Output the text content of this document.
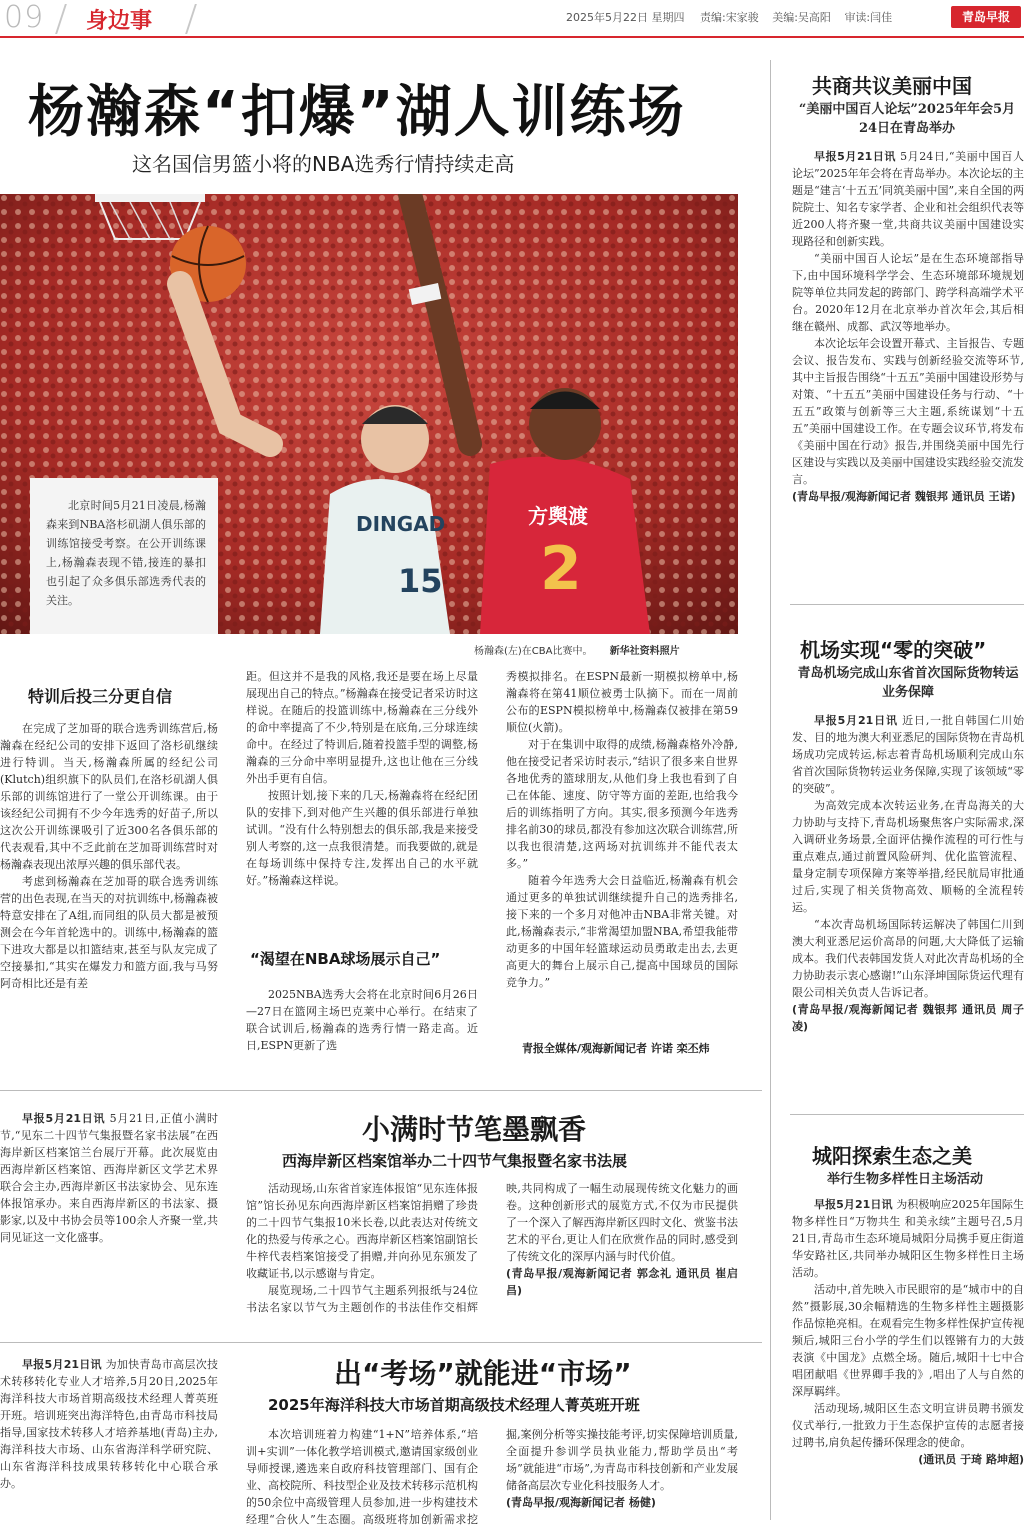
09 身边事	2025年5月22日 星期四 责编:宋家骏 美编:吴高阳 审读:闫佳	青岛早报
杨瀚森“扣爆”湖人训练场
这名国信男篮小将的NBA选秀行情持续走高
DINGAD
15
方舆渡
2
北京时间5月21日凌晨,杨瀚森来到NBA洛杉矶湖人俱乐部的训练馆接受考察。在公开训练课上,杨瀚森表现不错,接连的暴扣也引起了众多俱乐部选秀代表的关注。
杨瀚森(左)在CBA比赛中。 新华社资料照片
特训后投三分更自信

在完成了芝加哥的联合选秀训练营后,杨瀚森在经纪公司的安排下返回了洛杉矶继续进行特训。当天,杨瀚森所属的经纪公司(Klutch)组织旗下的队员们,在洛杉矶湖人俱乐部的训练馆进行了一堂公开训练课。由于该经纪公司拥有不少今年选秀的好苗子,所以这次公开训练课吸引了近300名各俱乐部的代表观看,其中不乏此前在芝加哥训练营时对杨瀚森表现出浓厚兴趣的俱乐部代表。

考虑到杨瀚森在芝加哥的联合选秀训练营的出色表现,在当天的对抗训练中,杨瀚森被特意安排在了A组,而同组的队员大都是被预测会在今年首轮选中的。训练中,杨瀚森的篮下进攻大都是以扣篮结束,甚至与队友完成了空接暴扣,“其实在爆发力和篮方面,我与马努阿奇相比还是有差

距。但这并不是我的风格,我还是要在场上尽量展现出自己的特点。”杨瀚森在接受记者采访时这样说。在随后的投篮训练中,杨瀚森在三分线外的命中率提高了不少,特别是在底角,三分球连续命中。在经过了特训后,随着投篮手型的调整,杨瀚森的三分命中率明显提升,这也让他在三分线外出手更有自信。

按照计划,接下来的几天,杨瀚森将在经纪团队的安排下,到对他产生兴趣的俱乐部进行单独试训。“没有什么特别想去的俱乐部,我是来接受别人考察的,这一点我很清楚。而我要做的,就是在每场训练中保持专注,发挥出自己的水平就好。”杨瀚森这样说。

“渴望在NBA球场展示自己”

2025NBA选秀大会将在北京时间6月26日—27日在篮网主场巴克莱中心举行。在结束了联合试训后,杨瀚森的选秀行情一路走高。近日,ESPN更新了选

秀模拟排名。在ESPN最新一期模拟榜单中,杨瀚森将在第41顺位被勇士队摘下。而在一周前公布的ESPN模拟榜单中,杨瀚森仅被排在第59顺位(火箭)。

对于在集训中取得的成绩,杨瀚森格外冷静,他在接受记者采访时表示,“结识了很多来自世界各地优秀的篮球朋友,从他们身上我也看到了自己在体能、速度、防守等方面的差距,也给我今后的训练指明了方向。其实,很多预测今年选秀排名前30的球员,都没有参加这次联合训练营,所以我也很清楚,这两场对抗训练并不能代表太多。”

随着今年选秀大会日益临近,杨瀚森有机会通过更多的单独试训继续提升自己的选秀排名,接下来的一个多月对他冲击NBA非常关键。对此,杨瀚森表示,“非常渴望加盟NBA,希望我能带动更多的中国年轻篮球运动员勇敢走出去,去更高更大的舞台上展示自己,提高中国球员的国际竞争力。”

青报全媒体/观海新闻记者 许诺 栾丕炜
共商共议美丽中国
“美丽中国百人论坛”2025年年会5月24日在青岛举办

早报5月21日讯 5月24日,“美丽中国百人论坛”2025年年会将在青岛举办。本次论坛的主题是“建言‘十五五’同筑美丽中国”,来自全国的两院院士、知名专家学者、企业和社会组织代表等近200人将齐聚一堂,共商共议美丽中国建设实现路径和创新实践。

“美丽中国百人论坛”是在生态环境部指导下,由中国环境科学学会、生态环境部环境规划院等单位共同发起的跨部门、跨学科高端学术平台。2020年12月在北京举办首次年会,其后相继在赣州、成都、武汉等地举办。

本次论坛年会设置开幕式、主旨报告、专题会议、报告发布、实践与创新经验交流等环节,其中主旨报告围绕“十五五”美丽中国建设形势与对策、“十五五”美丽中国建设任务与行动、“十五五”政策与创新等三大主题,系统谋划“十五五”美丽中国建设工作。在专题会议环节,将发布《美丽中国在行动》报告,并围绕美丽中国先行区建设与实践以及美丽中国建设实践经验交流发言。

(青岛早报/观海新闻记者 魏银邦 通讯员 王诺)

机场实现“零的突破”
青岛机场完成山东省首次国际货物转运业务保障

早报5月21日讯 近日,一批自韩国仁川始发、目的地为澳大利亚悉尼的国际货物在青岛机场成功完成转运,标志着青岛机场顺利完成山东省首次国际货物转运业务保障,实现了该领域“零的突破”。

为高效完成本次转运业务,在青岛海关的大力协助与支持下,青岛机场聚焦客户实际需求,深入调研业务场景,全面评估操作流程的可行性与重点难点,通过前置风险研判、优化监管流程、量身定制专项保障方案等举措,经民航局审批通过后,实现了相关货物高效、顺畅的全流程转运。

“本次青岛机场国际转运解决了韩国仁川到澳大利亚悉尼运价高昂的问题,大大降低了运输成本。我们代表韩国发货人对此次青岛机场的全力协助表示衷心感谢!”山东泽坤国际货运代理有限公司相关负责人告诉记者。

(青岛早报/观海新闻记者 魏银邦 通讯员 周子凌)

城阳探索生态之美
举行生物多样性日主场活动

早报5月21日讯 为积极响应2025年国际生物多样性日“万物共生 和美永续”主题号召,5月21日,青岛市生态环境局城阳分局携手夏庄街道华安路社区,共同举办城阳区生物多样性日主场活动。

活动中,首先映入市民眼帘的是“城市中的自然”摄影展,30余幅精选的生物多样性主题摄影作品惊艳亮相。在观看完生物多样性保护宣传视频后,城阳三台小学的学生们以铿锵有力的大鼓表演《中国龙》点燃全场。随后,城阳十七中合唱团献唱《世界卿手我的》,唱出了人与自然的深厚羁绊。

活动现场,城阳区生态文明宣讲员聘书颁发仪式举行,一批致力于生态保护宣传的志愿者接过聘书,肩负起传播环保理念的使命。

(通讯员 于琦 路坤超)

小满时节笔墨飘香
西海岸新区档案馆举办二十四节气集报暨名家书法展

早报5月21日讯 5月21日,正值小满时节,“见东二十四节气集报暨名家书法展”在西海岸新区档案馆兰台展厅开幕。此次展览由西海岸新区档案馆、西海岸新区文学艺术界联合会主办,西海岸新区书法家协会、见东连体报馆承办。来自西海岸新区的书法家、摄影家,以及中书协会员等100余人齐聚一堂,共同见证这一文化盛事。

活动现场,山东省首家连体报馆“见东连体报馆”馆长孙见东向西海岸新区档案馆捐赠了珍贵的二十四节气集报10米长卷,以此表达对传统文化的热爱与传承之心。西海岸新区档案馆副馆长牛梓代表档案馆接受了捐赠,并向孙见东颁发了收藏证书,以示感谢与肯定。

展览现场,二十四节气主题系列报纸与24位书法名家以节气为主题创作的书法佳作交相辉映,共同构成了一幅生动展现传统文化魅力的画卷。这种创新形式的展览方式,不仅为市民提供了一个深入了解西海岸新区四时文化、赏鉴书法艺术的平台,更让人们在欣赏作品的同时,感受到了传统文化的深厚内涵与时代价值。

(青岛早报/观海新闻记者 郭念礼 通讯员 崔启昌)

出“考场”就能进“市场”
2025年海洋科技大市场首期高级技术经理人菁英班开班

早报5月21日讯 为加快青岛市高层次技术转移转化专业人才培养,5月20日,2025年海洋科技大市场首期高级技术经理人菁英班开班。培训班突出海洋特色,由青岛市科技局指导,国家技术转移人才培养基地(青岛)主办,海洋科技大市场、山东省海洋科学研究院、山东省海洋科技成果转移转化中心联合承办。

本次培训班着力构建“1+N”培养体系,“培训+实训”一体化教学培训模式,邀请国家级创业导师授课,遴选来自政府科技管理部门、国有企业、高校院所、科技型企业及技术转移示范机构的50余位中高级管理人员参加,进一步构建技术经理“合伙人”生态圈。高级班将加创新需求挖掘,案例分析等实操技能考评,切实保障培训质量,全面提升参训学员执业能力,帮助学员出“考场”就能进“市场”,为青岛市科技创新和产业发展储备高层次专业化科技服务人才。

(青岛早报/观海新闻记者 杨健)
